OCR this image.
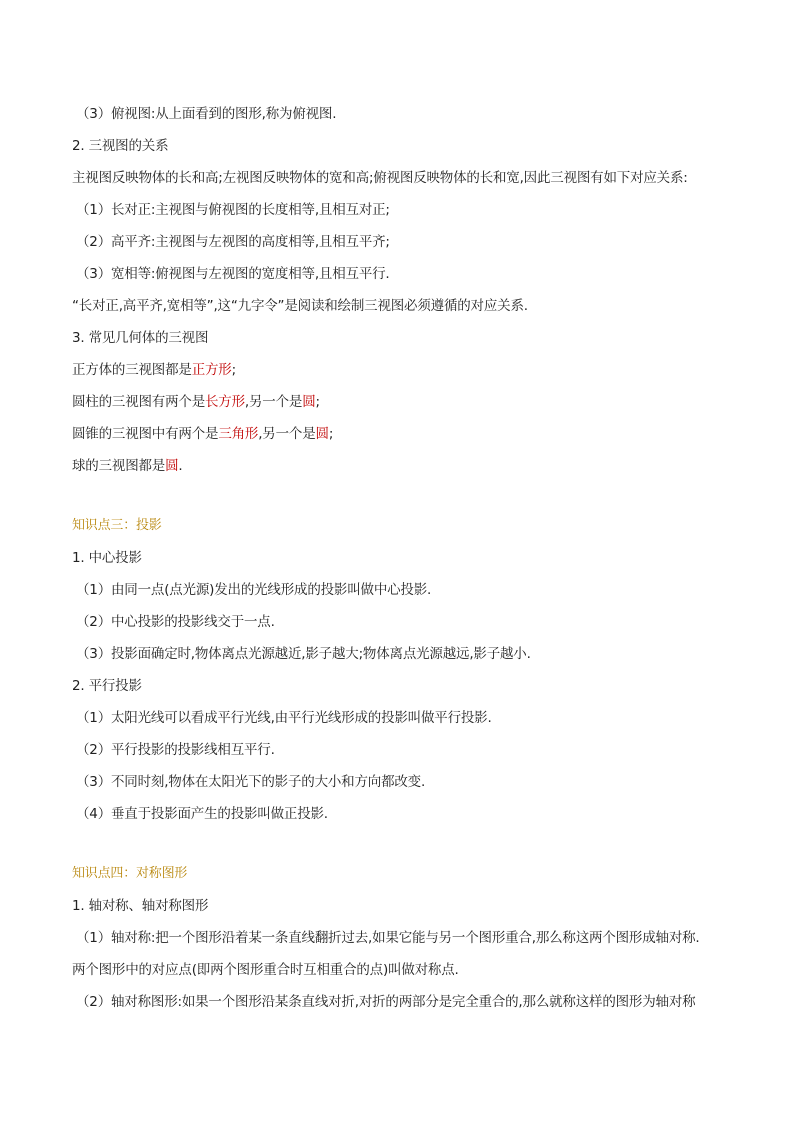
（3）俯视图:从上面看到的图形,称为俯视图.
2. 三视图的关系
主视图反映物体的长和高;左视图反映物体的宽和高;俯视图反映物体的长和宽,因此三视图有如下对应关系:
（1）长对正:主视图与俯视图的长度相等,且相互对正;
（2）高平齐:主视图与左视图的高度相等,且相互平齐;
（3）宽相等:俯视图与左视图的宽度相等,且相互平行.
“长对正,高平齐,宽相等”,这“九字令”是阅读和绘制三视图必须遵循的对应关系.
3. 常见几何体的三视图
正方体的三视图都是正方形;
圆柱的三视图有两个是长方形,另一个是圆;
圆锥的三视图中有两个是三角形,另一个是圆;
球的三视图都是圆.
知识点三：投影
1. 中心投影
（1）由同一点(点光源)发出的光线形成的投影叫做中心投影.
（2）中心投影的投影线交于一点.
（3）投影面确定时,物体离点光源越近,影子越大;物体离点光源越远,影子越小.
2. 平行投影
（1）太阳光线可以看成平行光线,由平行光线形成的投影叫做平行投影.
（2）平行投影的投影线相互平行.
（3）不同时刻,物体在太阳光下的影子的大小和方向都改变.
（4）垂直于投影面产生的投影叫做正投影.
知识点四：对称图形
1. 轴对称、轴对称图形
（1）轴对称:把一个图形沿着某一条直线翻折过去,如果它能与另一个图形重合,那么称这两个图形成轴对称.
两个图形中的对应点(即两个图形重合时互相重合的点)叫做对称点.
（2）轴对称图形:如果一个图形沿某条直线对折,对折的两部分是完全重合的,那么就称这样的图形为轴对称
